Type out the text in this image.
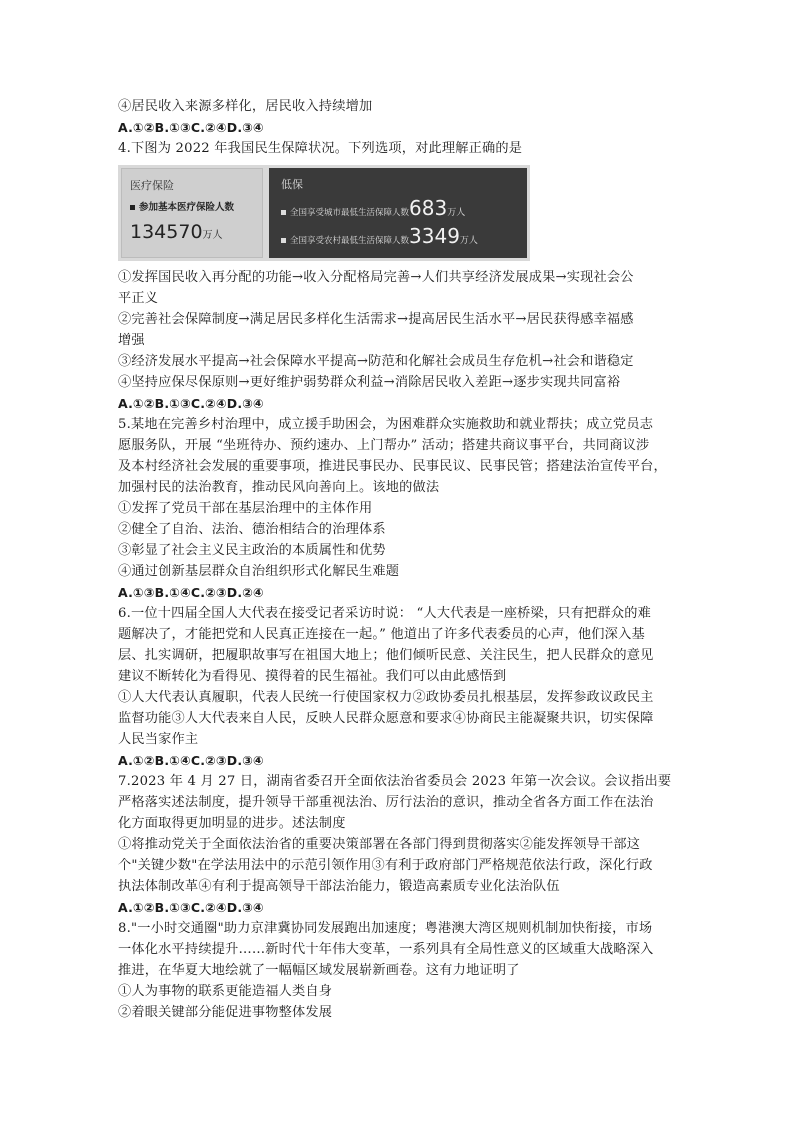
④居民收入来源多样化，居民收入持续增加
A.①②B.①③C.②④D.③④
4.下图为 2022 年我国民生保障状况。下列选项，对此理解正确的是
医疗保险
参加基本医疗保险人数
134570万人
低保
全国享受城市最低生活保障人数683万人
全国享受农村最低生活保障人数3349万人
①发挥国民收入再分配的功能→收入分配格局完善→人们共享经济发展成果→实现社会公
平正义
②完善社会保障制度→满足居民多样化生活需求→提高居民生活水平→居民获得感幸福感
增强
③经济发展水平提高→社会保障水平提高→防范和化解社会成员生存危机→社会和谐稳定
④坚持应保尽保原则→更好维护弱势群众利益→消除居民收入差距→逐步实现共同富裕
A.①②B.①③C.②④D.③④
5.某地在完善乡村治理中，成立援手助困会，为困难群众实施救助和就业帮扶；成立党员志
愿服务队，开展 “坐班待办、预约速办、上门帮办” 活动；搭建共商议事平台，共同商议涉
及本村经济社会发展的重要事项，推进民事民办、民事民议、民事民管；搭建法治宣传平台，
加强村民的法治教育，推动民风向善向上。该地的做法
①发挥了党员干部在基层治理中的主体作用
②健全了自治、法治、德治相结合的治理体系
③彰显了社会主义民主政治的本质属性和优势
④通过创新基层群众自治组织形式化解民生难题
A.①③B.①④C.②③D.②④
6.一位十四届全国人大代表在接受记者采访时说： “人大代表是一座桥梁，只有把群众的难
题解决了，才能把党和人民真正连接在一起。” 他道出了许多代表委员的心声，他们深入基
层、扎实调研，把履职故事写在祖国大地上；他们倾听民意、关注民生，把人民群众的意见
建议不断转化为看得见、摸得着的民生福祉。我们可以由此感悟到
①人大代表认真履职，代表人民统一行使国家权力②政协委员扎根基层，发挥参政议政民主
监督功能③人大代表来自人民，反映人民群众愿意和要求④协商民主能凝聚共识，切实保障
人民当家作主
A.①②B.①④C.②③D.③④
7.2023 年 4 月 27 日，湖南省委召开全面依法治省委员会 2023 年第一次会议。会议指出要
严格落实述法制度，提升领导干部重视法治、厉行法治的意识，推动全省各方面工作在法治
化方面取得更加明显的进步。述法制度
①将推动党关于全面依法治省的重要决策部署在各部门得到贯彻落实②能发挥领导干部这
个"关键少数"在学法用法中的示范引领作用③有利于政府部门严格规范依法行政，深化行政
执法体制改革④有利于提高领导干部法治能力，锻造高素质专业化法治队伍
A.①②B.①③C.②④D.③④
8."一小时交通圈"助力京津冀协同发展跑出加速度；粤港澳大湾区规则机制加快衔接，市场
一体化水平持续提升……新时代十年伟大变革，一系列具有全局性意义的区域重大战略深入
推进，在华夏大地绘就了一幅幅区域发展崭新画卷。这有力地证明了
①人为事物的联系更能造福人类自身
②着眼关键部分能促进事物整体发展
